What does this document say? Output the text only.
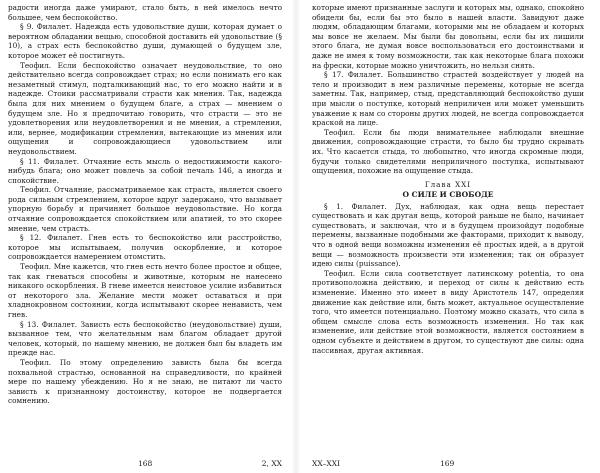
радости иногда даже умирают, стало быть, в ней имелось нечто большее, чем беспокойство.

§ 9. Филалет. Надежда есть удовольствие души, которая думает о вероятном обладании вещью, способной доставить ей удовольствие (§ 10), а страх есть беспокойство души, думающей о будущем зле, которое может её постигнуть.

Теофил. Если беспокойство означает неудовольствие, то оно действительно всегда сопровождает страх; но если понимать его как незаметный стимул, подталкивающий нас, то его можно найти и в надежде. Стоики рассматривали страсти как мнения. Так, надежда была для них мнением о будущем благе, а страх — мнением о будущем зле. Но я предпочитаю говорить, что страсти — это не удовлетворения или неудовлетворения и не мнения, а стремления, или, вернее, модификации стремления, вытекающие из мнения или ощущения и сопровождающиеся удовольствием или неудовольствием.

§ 11. Филалет. Отчаяние есть мысль о недостижимости какого-нибудь блага; оно может повлечь за собой печаль 146, а иногда и спокойствие.

Теофил. Отчаяние, рассматриваемое как страсть, является своего рода сильным стремлением, которое вдруг задержано, что вызывает упорную борьбу и причиняет большое неудовольствие. Но когда отчаяние сопровождается спокойствием или апатией, то это скорее мнение, чем страсть.

§ 12. Филалет. Гнев есть то беспокойство или расстройство, которое мы испытываем, получив оскорбление, и которое сопровождается намерением отомстить.

Теофил. Мне кажется, что гнев есть нечто более простое и общее, так как гневаться способны и животные, которым не нанесено никакого оскорбления. В гневе имеется неистовое усилие избавиться от некоторого зла. Желание мести может оставаться и при хладнокровном состоянии, когда испытывают скорее ненависть, чем гнев.

§ 13. Филалет. Зависть есть беспокойство (неудовольствие) души, вызванное тем, что желательным нам благом обладает другой человек, который, по нашему мнению, не должен был бы владеть им прежде нас.

Теофил. По этому определению зависть была бы всегда похвальной страстью, основанной на справедливости, по крайней мере по нашему убеждению. Но я не знаю, не питают ли часто зависть к признанному достоинству, которое не подвергается сомнению.

168	2, XX

которые имеют признанные заслуги и которых мы, однако, спокойно обидели бы, если бы это было в нашей власти. Завидуют даже людям, обладающим благами, которыми мы не обладаем и которых мы вовсе не желаем. Мы были бы довольны, если бы их лишили этого блага, не думая вовсе воспользоваться его достоинствами и даже не имея к тому возможности, так как некоторые блага похожи на фрески, которые можно уничтожить, но нельзя снять.

§ 17. Филалет. Большинство страстей воздействует у людей на тело и производит в нем различные перемены, которые не всегда заметны. Так, например, стыд, представляющий беспокойство души при мысли о поступке, который неприличен или может уменьшить уважение к нам со стороны других людей, не всегда сопровождается краской на лице.

Теофил. Если бы люди внимательнее наблюдали внешние движения, сопровождающие страсти, то было бы трудно скрывать их. Что касается стыда, то любопытно, что иногда скромные люди, будучи только свидетелями неприличного поступка, испытывают ощущения, похожие на ощущение стыда.

Глава XXI
О СИЛЕ И СВОБОДЕ

§ 1. Филалет. Дух, наблюдая, как одна вещь перестает существовать и как другая вещь, которой раньше не было, начинает существовать, и заключая, что и в будущем произойдут подобные перемены, вызванные подобными же факторами, приходит к выводу, что в одной вещи возможны изменения её простых идей, а в другой вещи — возможность произвести эти изменения; так он образует идею силы (puissance).

Теофил. Если сила соответствует латинскому potentia, то она противоположна действию, и переход от силы к действию есть изменение. Именно это имеет в виду Аристотель 147, определяя движение как действие или, быть может, актуальное осуществление того, что имеется потенциально. Поэтому можно сказать, что сила в общем смысле слова есть возможность изменения. Но так как изменение, или действие этой возможности, является состоянием в одном субъекте и действием в другом, то существуют две силы: одна пассивная, другая активная.

XX–XXI	169
